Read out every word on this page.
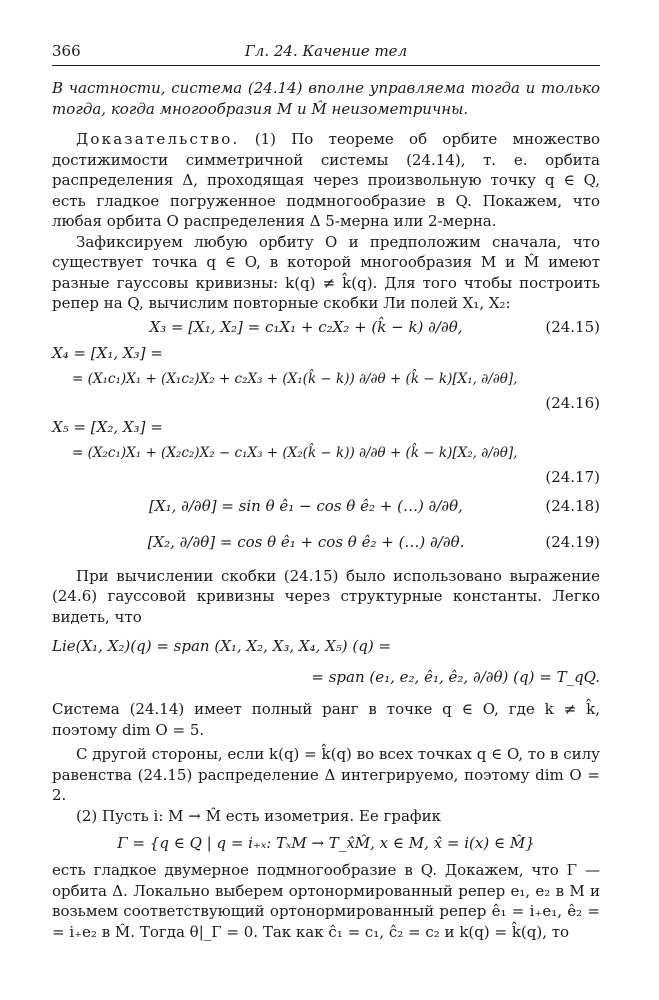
366	Гл. 24. Качение тел

В частности, система (24.14) вполне управляема тогда и только тогда, когда многообразия M и M̂ неизометричны.

Доказательство. (1) По теореме об орбите множество достижимости симметричной системы (24.14), т. е. орбита распределения Δ, проходящая через произвольную точку q ∈ Q, есть гладкое погруженное подмногообразие в Q. Покажем, что любая орбита O распределения Δ 5-мерна или 2-мерна.

Зафиксируем любую орбиту O и предположим сначала, что существует точка q ∈ O, в которой многообразия M и M̂ имеют разные гауссовы кривизны: k(q) ≠ k̂(q). Для того чтобы построить репер на Q, вычислим повторные скобки Ли полей X₁, X₂:

X₃ = [X₁, X₂] = c₁X₁ + c₂X₂ + (k̂ − k) ∂/∂θ,	(24.15)
X₄ = [X₁, X₃] =
= (X₁c₁)X₁ + (X₁c₂)X₂ + c₂X₃ + (X₁(k̂ − k)) ∂/∂θ + (k̂ − k)[X₁, ∂/∂θ],
(24.16)
X₅ = [X₂, X₃] =
= (X₂c₁)X₁ + (X₂c₂)X₂ − c₁X₃ + (X₂(k̂ − k)) ∂/∂θ + (k̂ − k)[X₂, ∂/∂θ],
(24.17)
[X₁, ∂/∂θ] = sin θ ê₁ − cos θ ê₂ + (…) ∂/∂θ,	(24.18)
[X₂, ∂/∂θ] = cos θ ê₁ + cos θ ê₂ + (…) ∂/∂θ.	(24.19)

При вычислении скобки (24.15) было использовано выражение (24.6) гауссовой кривизны через структурные константы. Легко видеть, что

Lie(X₁, X₂)(q) = span (X₁, X₂, X₃, X₄, X₅) (q) =
= span (e₁, e₂, ê₁, ê₂, ∂/∂θ) (q) = T_qQ.

Система (24.14) имеет полный ранг в точке q ∈ O, где k ≠ k̂, поэтому dim O = 5.

С другой стороны, если k(q) = k̂(q) во всех точках q ∈ O, то в силу равенства (24.15) распределение Δ интегрируемо, поэтому dim O = 2.

(2) Пусть i: M → M̂ есть изометрия. Ее график

Γ = {q ∈ Q | q = i₊ₓ: TₓM → T_x̂M̂, x ∈ M, x̂ = i(x) ∈ M̂}

есть гладкое двумерное подмногообразие в Q. Докажем, что Γ — орбита Δ. Локально выберем ортонормированный репер e₁, e₂ в M и возьмем соответствующий ортонормированный репер ê₁ = i₊e₁, ê₂ = = i₊e₂ в M̂. Тогда θ|_Γ = 0. Так как ĉ₁ = c₁, ĉ₂ = c₂ и k(q) = k̂(q), то
